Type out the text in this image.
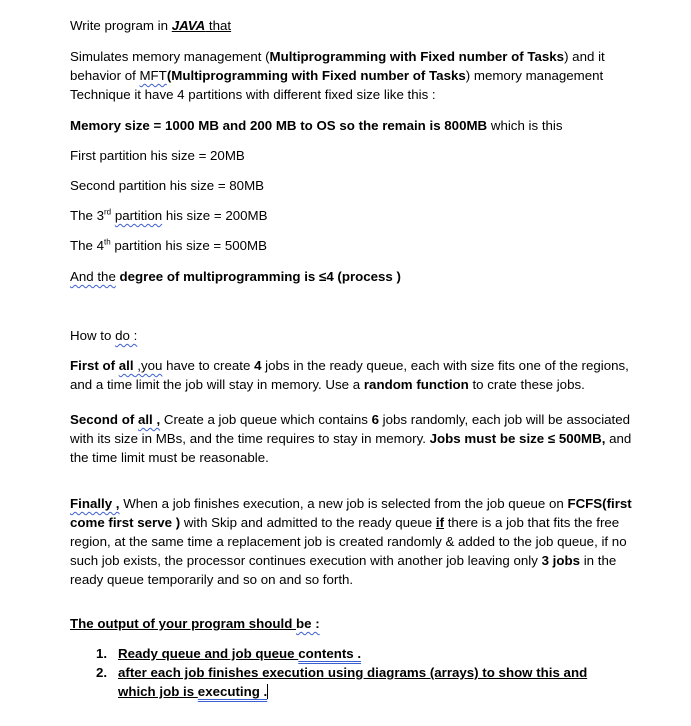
Write program in JAVA that

Simulates memory management (Multiprogramming with Fixed number of Tasks) and it behavior of MFT(Multiprogramming with Fixed number of Tasks) memory management Technique it have 4 partitions with different fixed size like this :

Memory size = 1000 MB and 200 MB to OS so the remain is 800MB which is this

First partition his size = 20MB

Second partition his size = 80MB

The 3rd partition his size = 200MB

The 4th partition his size = 500MB

And the degree of multiprogramming is ≤4 (process )

How to do :

First of all ,you have to create 4 jobs in the ready queue, each with size fits one of the regions, and a time limit the job will stay in memory. Use a random function to crate these jobs.

Second of all , Create a job queue which contains 6 jobs randomly, each job will be associated with its size in MBs, and the time requires to stay in memory. Jobs must be size ≤ 500MB, and the time limit must be reasonable.

Finally , When a job finishes execution, a new job is selected from the job queue on FCFS(first come first serve ) with Skip and admitted to the ready queue if there is a job that fits the free region, at the same time a replacement job is created randomly & added to the job queue, if no such job exists, the processor continues execution with another job leaving only 3 jobs in the ready queue temporarily and so on and so forth.

The output of your program should be :

1. Ready queue and job queue contents .
2. after each job finishes execution using diagrams (arrays) to show this and which job is executing .
